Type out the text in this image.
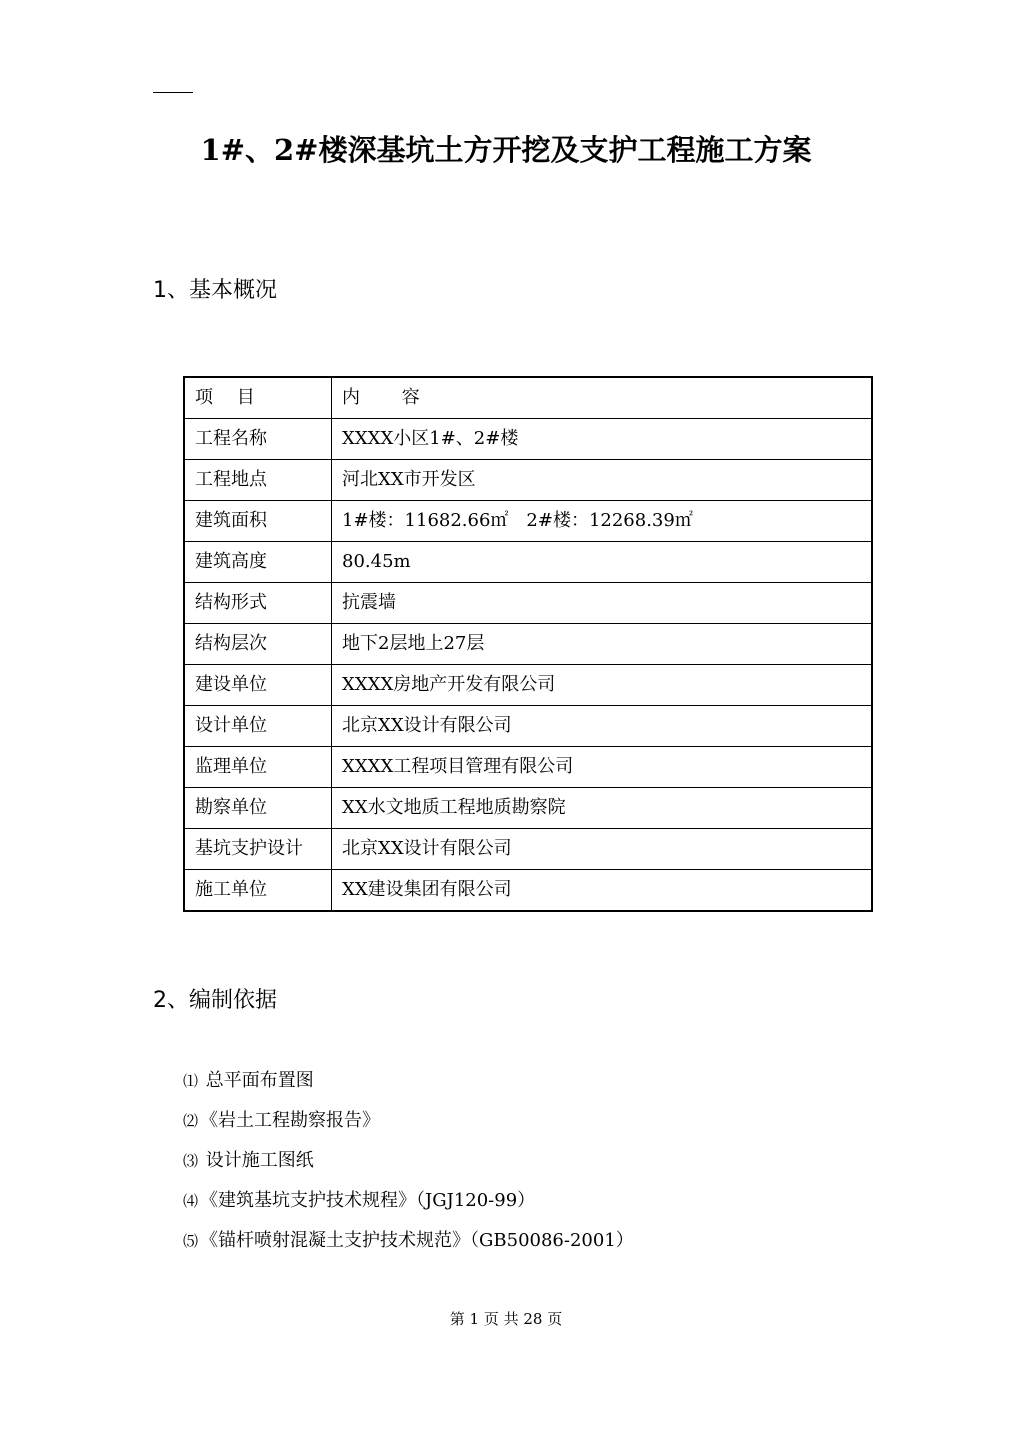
1#、2#楼深基坑土方开挖及支护工程施工方案
1、基本概况
项　 目	内　　 容
工程名称	XXXX小区1#、2#楼
工程地点	河北XX市开发区
建筑面积	1#楼：11682.66㎡　2#楼：12268.39㎡
建筑高度	80.45m
结构形式	抗震墙
结构层次	地下2层地上27层
建设单位	XXXX房地产开发有限公司
设计单位	北京XX设计有限公司
监理单位	XXXX工程项目管理有限公司
勘察单位	XX水文地质工程地质勘察院
基坑支护设计	北京XX设计有限公司
施工单位	XX建设集团有限公司
2、编制依据
⑴ 总平面布置图
⑵ 《岩土工程勘察报告》
⑶ 设计施工图纸
⑷ 《建筑基坑支护技术规程》（JGJ120-99）
⑸ 《锚杆喷射混凝土支护技术规范》（GB50086-2001）

第 1 页 共 28 页
